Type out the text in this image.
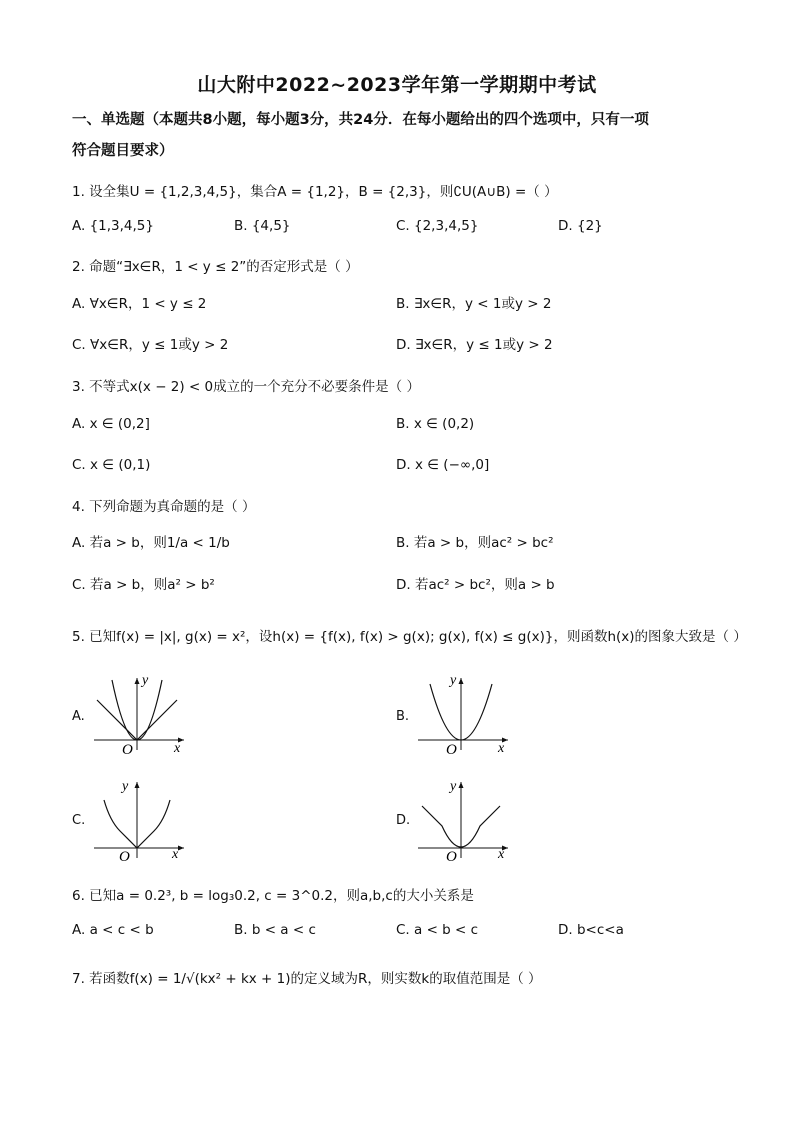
山大附中2022~2023学年第一学期期中考试
一、单选题（本题共8小题，每小题3分，共24分．在每小题给出的四个选项中，只有一项
符合题目要求）
1. 设全集U = {1,2,3,4,5}，集合A = {1,2}，B = {2,3}，则∁U(A∪B) =（ ）
A. {1,3,4,5}	B. {4,5}	C. {2,3,4,5}	D. {2}
2. 命题“∃x∈R，1 < y ≤ 2”的否定形式是（ ）
A. ∀x∈R，1 < y ≤ 2	B. ∃x∈R，y < 1或y > 2
C. ∀x∈R，y ≤ 1或y > 2	D. ∃x∈R，y ≤ 1或y > 2
3. 不等式x(x − 2) < 0成立的一个充分不必要条件是（ ）
A. x ∈ (0,2]	B. x ∈ (0,2)
C. x ∈ (0,1)	D. x ∈ (−∞,0]
4. 下列命题为真命题的是（ ）
A. 若a > b，则1/a < 1/b	B. 若a > b，则ac² > bc²
C. 若a > b，则a² > b²	D. 若ac² > bc²，则a > b
5. 已知f(x) = |x|, g(x) = x²，设h(x) = {f(x), f(x) > g(x); g(x), f(x) ≤ g(x)}，则函数h(x)的图象大致是（ ）
A.
y
x
O
B.
y
x
O
C.
y
x
O
D.
y
x
O
6. 已知a = 0.2³, b = log₃0.2, c = 3^0.2，则a,b,c的大小关系是
A. a < c < b	B. b < a < c	C. a < b < c	D. b<c<a
7. 若函数f(x) = 1/√(kx² + kx + 1)的定义域为R，则实数k的取值范围是（ ）
